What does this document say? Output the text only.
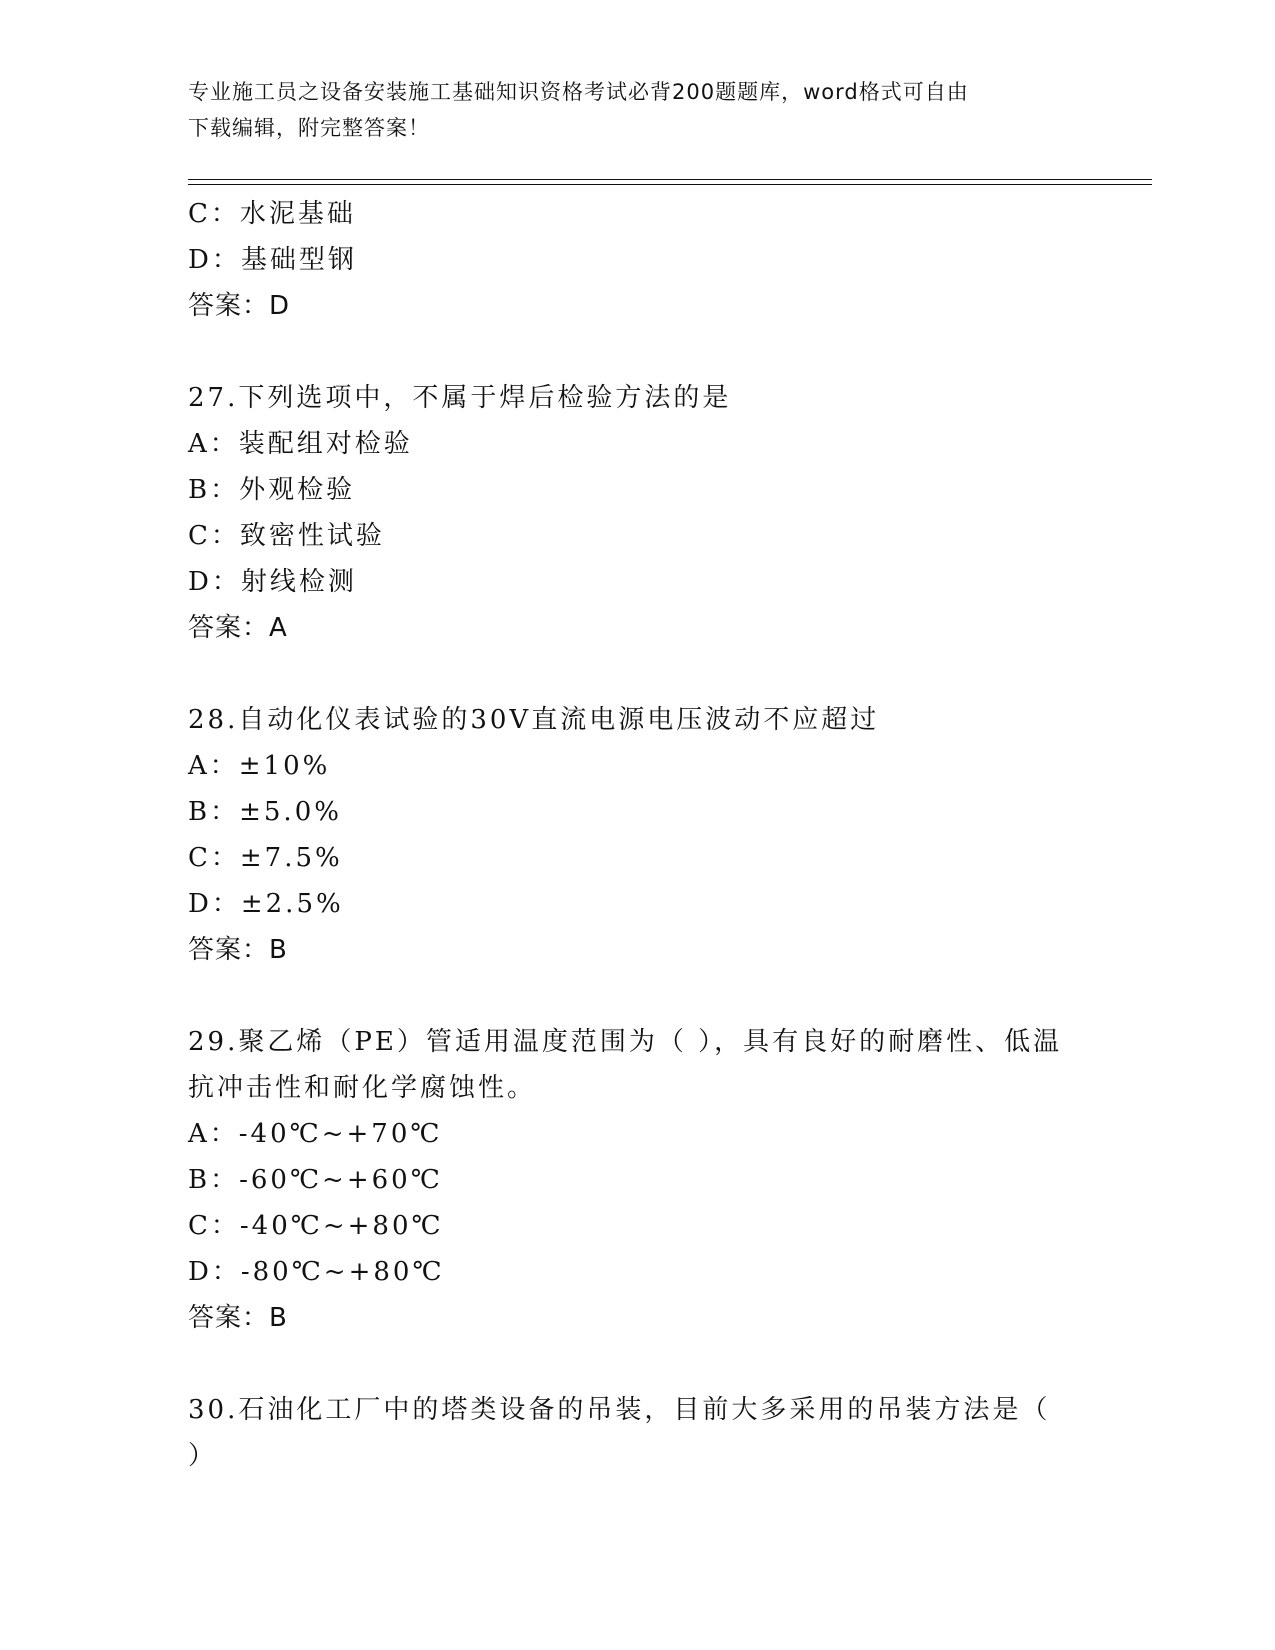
专业施工员之设备安装施工基础知识资格考试必背200题题库，word格式可自由
下载编辑，附完整答案！
C：水泥基础
D：基础型钢
答案：D
27.下列选项中，不属于焊后检验方法的是
A：装配组对检验
B：外观检验
C：致密性试验
D：射线检测
答案：A
28.自动化仪表试验的30V直流电源电压波动不应超过
A：±10%
B：±5.0%
C：±7.5%
D：±2.5%
答案：B
29.聚乙烯（PE）管适用温度范围为（ ），具有良好的耐磨性、低温
抗冲击性和耐化学腐蚀性。
A：-40℃~+70℃
B：-60℃~+60℃
C：-40℃~+80℃
D：-80℃~+80℃
答案：B
30.石油化工厂中的塔类设备的吊装，目前大多采用的吊装方法是（
）
